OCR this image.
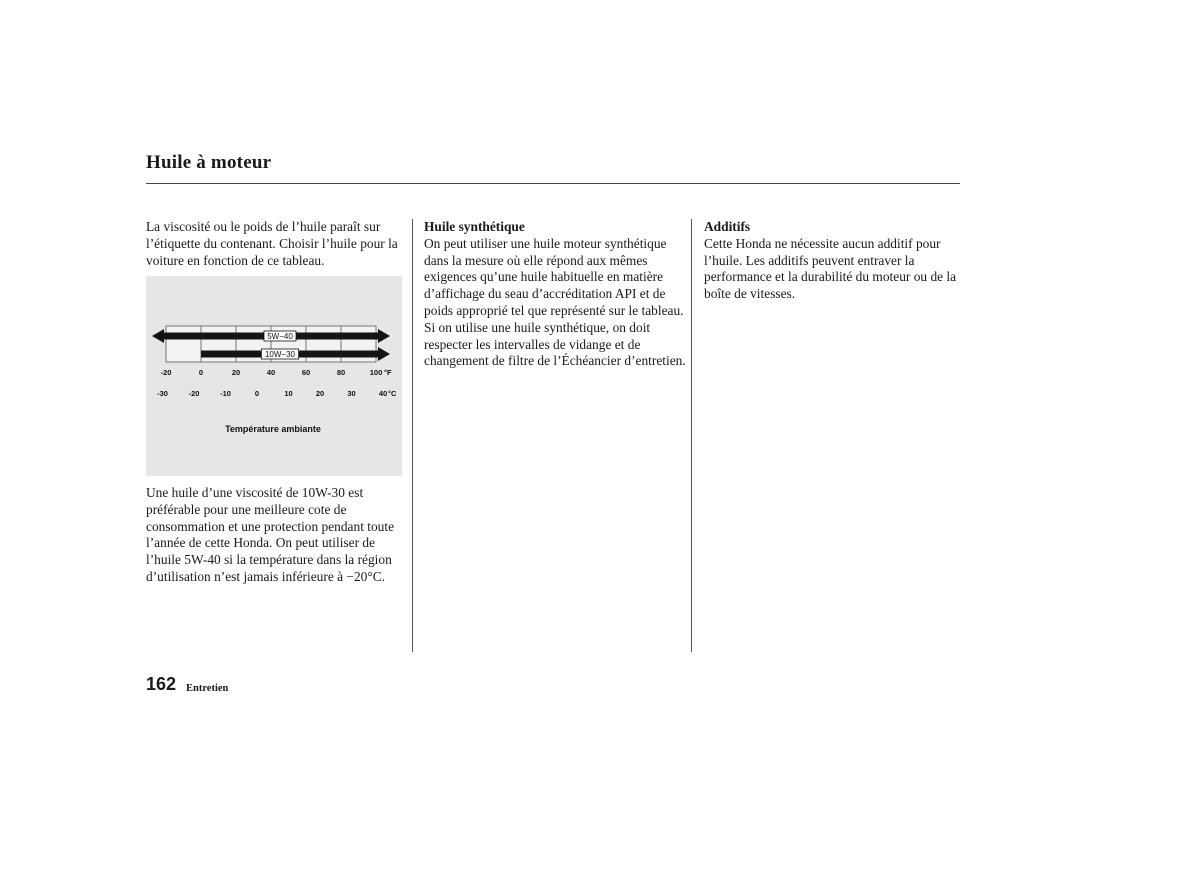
Huile à moteur

La viscosité ou le poids de l’huile paraît sur l’étiquette du contenant. Choisir l’huile pour la voiture en fonction de ce tableau.

5W−40
10W−30
-20	0	20	40	60	80	100 °F
-30	-20	-10	0	10	20	30	40 °C
Température ambiante

Une huile d’une viscosité de 10W-30 est préférable pour une meilleure cote de consommation et une protection pendant toute l’année de cette Honda. On peut utiliser de l’huile 5W-40 si la température dans la région d’utilisation n’est jamais inférieure à −20°C.

Huile synthétique

On peut utiliser une huile moteur synthétique dans la mesure où elle répond aux mêmes exigences qu’une huile habituelle en matière d’affichage du seau d’accréditation API et de poids approprié tel que représenté sur le tableau. Si on utilise une huile synthétique, on doit respecter les intervalles de vidange et de changement de filtre de l’Échéancier d’entretien.

Additifs

Cette Honda ne nécessite aucun additif pour l’huile. Les additifs peuvent entraver la performance et la durabilité du moteur ou de la boîte de vitesses.

162 Entretien
